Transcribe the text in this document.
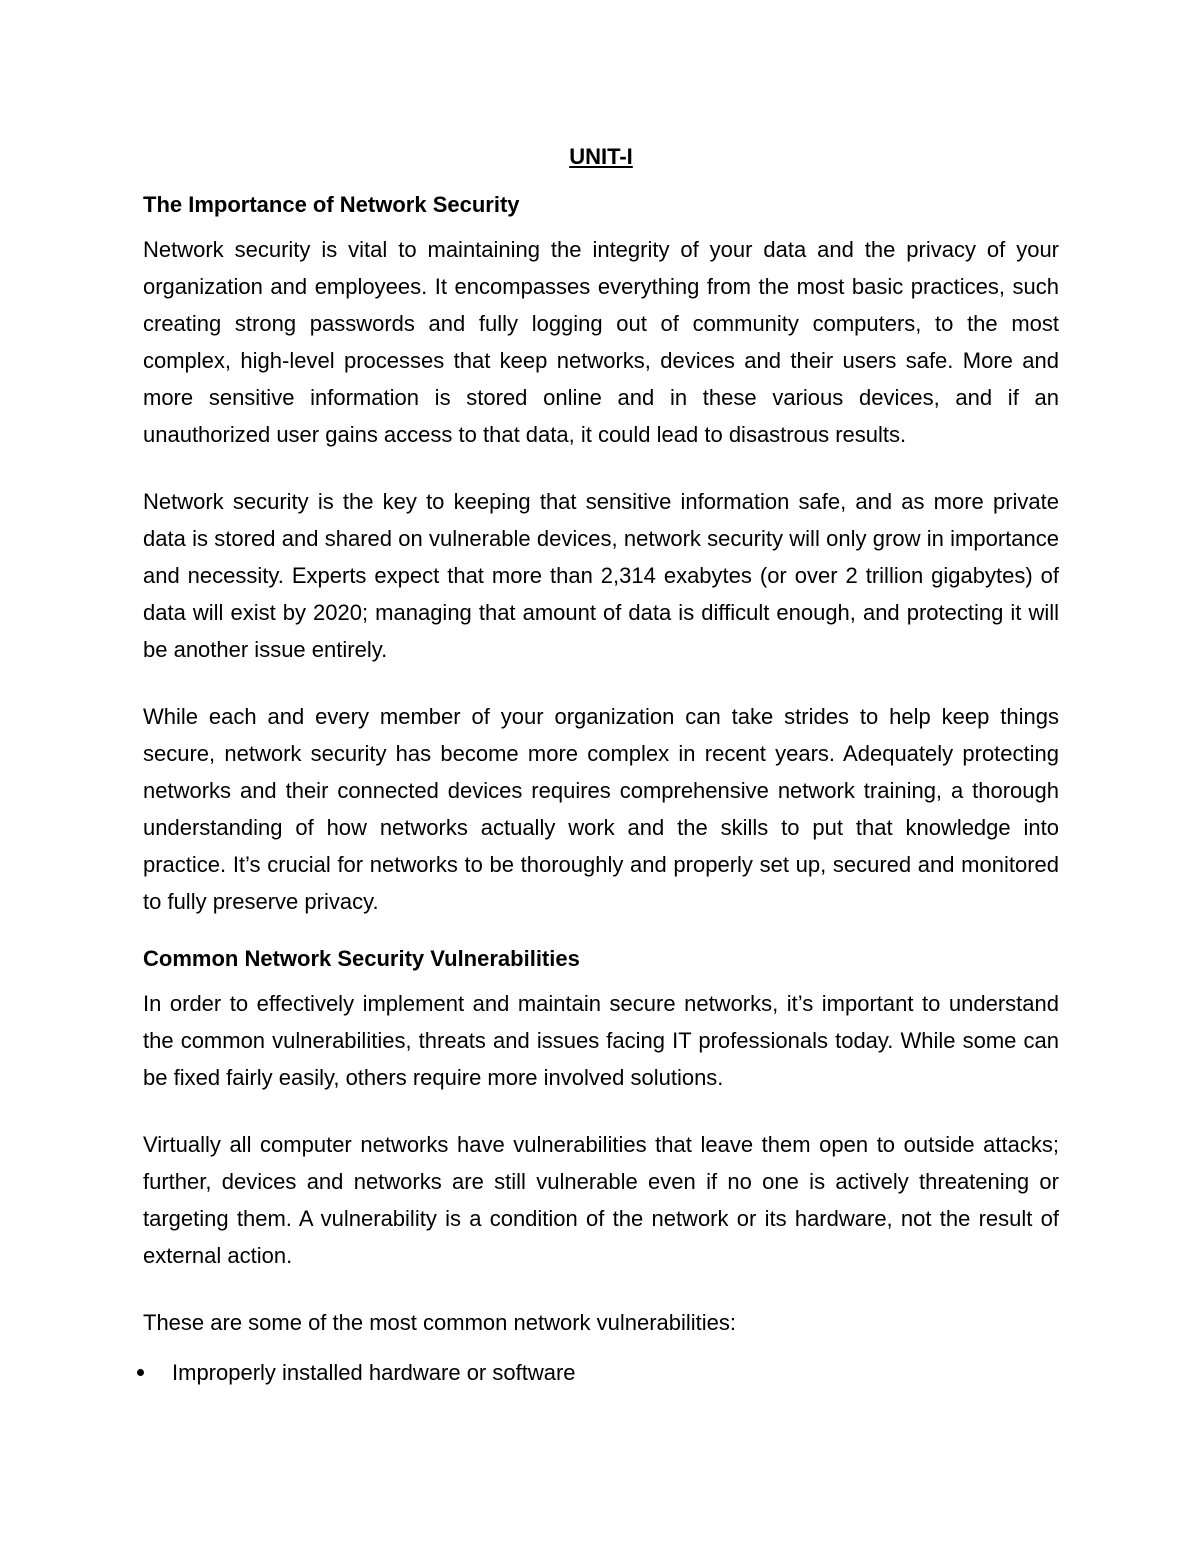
UNIT-I
The Importance of Network Security

Network security is vital to maintaining the integrity of your data and the privacy of your organization and employees. It encompasses everything from the most basic practices, such creating strong passwords and fully logging out of community computers, to the most complex, high-level processes that keep networks, devices and their users safe. More and more sensitive information is stored online and in these various devices, and if an unauthorized user gains access to that data, it could lead to disastrous results.

Network security is the key to keeping that sensitive information safe, and as more private data is stored and shared on vulnerable devices, network security will only grow in importance and necessity. Experts expect that more than 2,314 exabytes (or over 2 trillion gigabytes) of data will exist by 2020; managing that amount of data is difficult enough, and protecting it will be another issue entirely.

While each and every member of your organization can take strides to help keep things secure, network security has become more complex in recent years. Adequately protecting networks and their connected devices requires comprehensive network training, a thorough understanding of how networks actually work and the skills to put that knowledge into practice. It’s crucial for networks to be thoroughly and properly set up, secured and monitored to fully preserve privacy.

Common Network Security Vulnerabilities

In order to effectively implement and maintain secure networks, it’s important to understand the common vulnerabilities, threats and issues facing IT professionals today. While some can be fixed fairly easily, others require more involved solutions.

Virtually all computer networks have vulnerabilities that leave them open to outside attacks; further, devices and networks are still vulnerable even if no one is actively threatening or targeting them. A vulnerability is a condition of the network or its hardware, not the result of external action.

These are some of the most common network vulnerabilities:

Improperly installed hardware or software
